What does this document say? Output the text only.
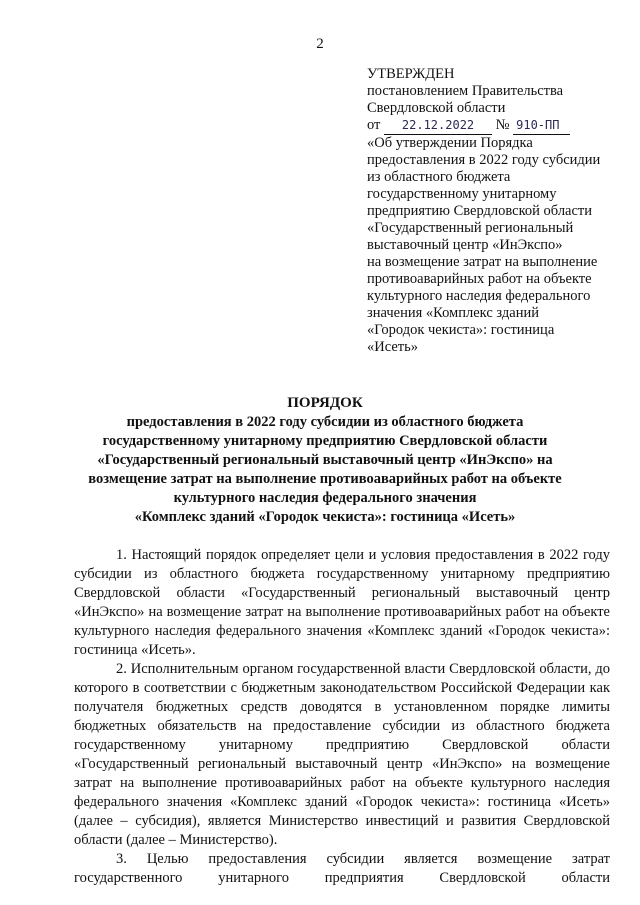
2
УТВЕРЖДЕН
постановлением Правительства
Свердловской области
от 22.12.2022 № 910-ПП
«Об утверждении Порядка
предоставления в 2022 году субсидии
из областного бюджета
государственному унитарному
предприятию Свердловской области
«Государственный региональный
выставочный центр «ИнЭкспо»
на возмещение затрат на выполнение
противоаварийных работ на объекте
культурного наследия федерального
значения «Комплекс зданий
«Городок чекиста»: гостиница
«Исеть»
ПОРЯДОК
предоставления в 2022 году субсидии из областного бюджета
государственному унитарному предприятию Свердловской области
«Государственный региональный выставочный центр «ИнЭкспо» на
возмещение затрат на выполнение противоаварийных работ на объекте
культурного наследия федерального значения
«Комплекс зданий «Городок чекиста»: гостиница «Исеть»

1. Настоящий порядок определяет цели и условия предоставления в 2022 году субсидии из областного бюджета государственному унитарному предприятию Свердловской области «Государственный региональный выставочный центр «ИнЭкспо» на возмещение затрат на выполнение противоаварийных работ на объекте культурного наследия федерального значения «Комплекс зданий «Городок чекиста»: гостиница «Исеть».

2. Исполнительным органом государственной власти Свердловской области, до которого в соответствии с бюджетным законодательством Российской Федерации как получателя бюджетных средств доводятся в установленном порядке лимиты бюджетных обязательств на предоставление субсидии из областного бюджета государственному унитарному предприятию Свердловской области «Государственный региональный выставочный центр «ИнЭкспо» на возмещение затрат на выполнение противоаварийных работ на объекте культурного наследия федерального значения «Комплекс зданий «Городок чекиста»: гостиница «Исеть» (далее – субсидия), является Министерство инвестиций и развития Свердловской области (далее – Министерство).

3. Целью предоставления субсидии является возмещение затрат государственного унитарного предприятия Свердловской области
